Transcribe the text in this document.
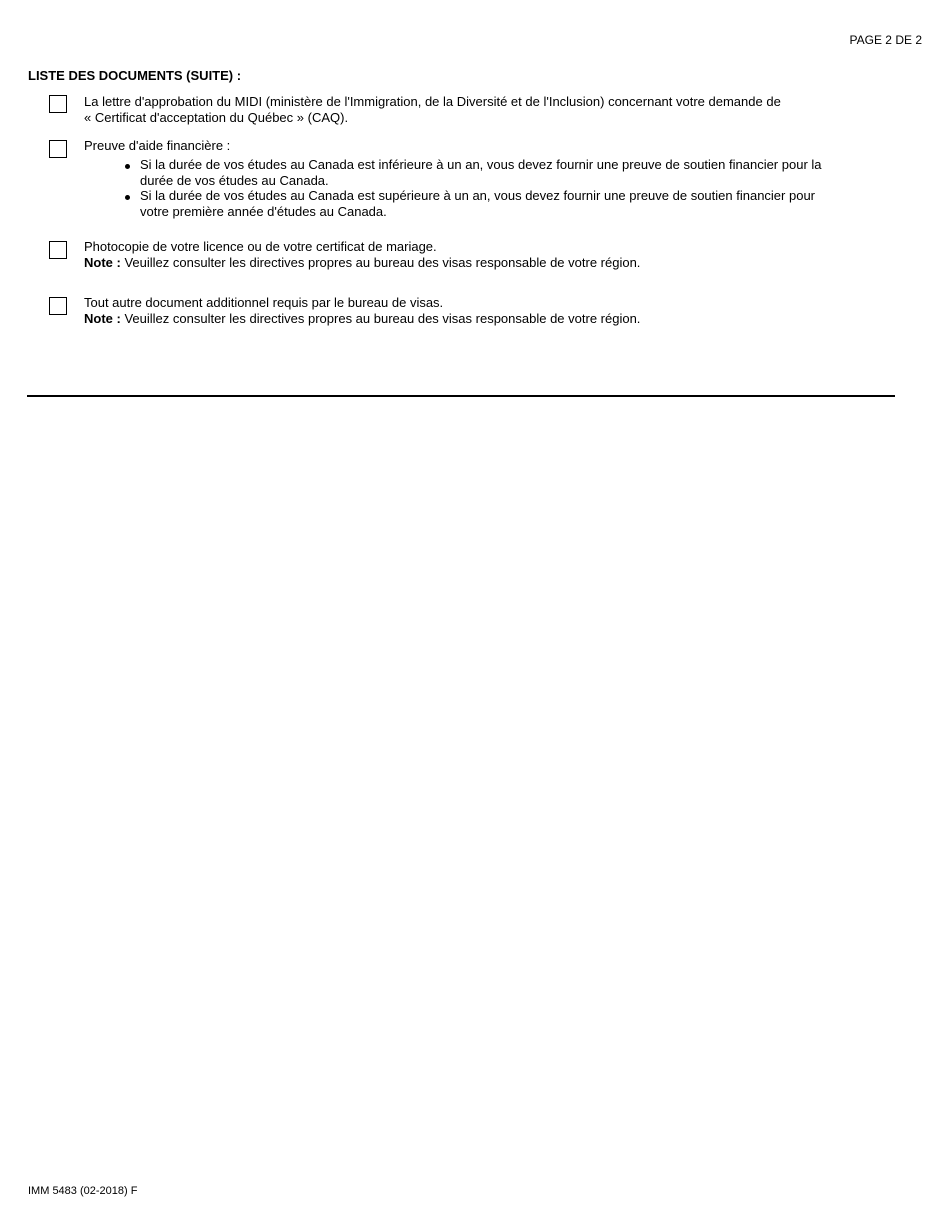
PAGE 2 DE 2
LISTE DES DOCUMENTS (SUITE) :

La lettre d'approbation du MIDI (ministère de l'Immigration, de la Diversité et de l'Inclusion) concernant votre demande de

« Certificat d'acceptation du Québec » (CAQ).

Preuve d'aide financière :

Si la durée de vos études au Canada est inférieure à un an, vous devez fournir une preuve de soutien financier pour la
durée de vos études au Canada.
Si la durée de vos études au Canada est supérieure à un an, vous devez fournir une preuve de soutien financier pour
votre première année d'études au Canada.

Photocopie de votre licence ou de votre certificat de mariage.

Note : Veuillez consulter les directives propres au bureau des visas responsable de votre région.

Tout autre document additionnel requis par le bureau de visas.

Note : Veuillez consulter les directives propres au bureau des visas responsable de votre région.

IMM 5483 (02-2018) F
